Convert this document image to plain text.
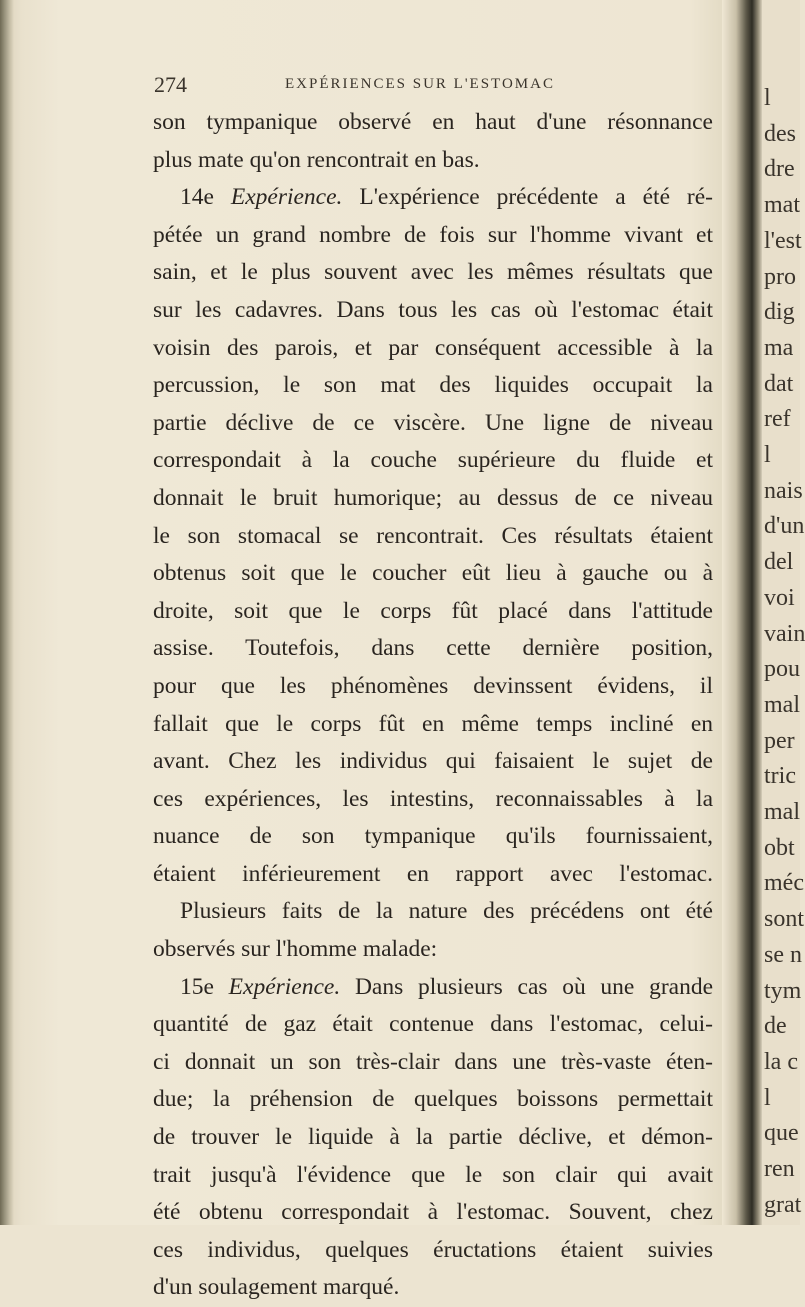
274	EXPÉRIENCES SUR L'ESTOMAC
son tympanique observé en haut d'une résonnance
plus mate qu'on rencontrait en bas.
14e Expérience. L'expérience précédente a été ré-
pétée un grand nombre de fois sur l'homme vivant et
sain, et le plus souvent avec les mêmes résultats que
sur les cadavres. Dans tous les cas où l'estomac était
voisin des parois, et par conséquent accessible à la
percussion, le son mat des liquides occupait la
partie déclive de ce viscère. Une ligne de niveau
correspondait à la couche supérieure du fluide et
donnait le bruit humorique; au dessus de ce niveau
le son stomacal se rencontrait. Ces résultats étaient
obtenus soit que le coucher eût lieu à gauche ou à
droite, soit que le corps fût placé dans l'attitude
assise. Toutefois, dans cette dernière position,
pour que les phénomènes devinssent évidens, il
fallait que le corps fût en même temps incliné en
avant. Chez les individus qui faisaient le sujet de
ces expériences, les intestins, reconnaissables à la
nuance de son tympanique qu'ils fournissaient,
étaient inférieurement en rapport avec l'estomac.
Plusieurs faits de la nature des précédens ont été
observés sur l'homme malade:
15e Expérience. Dans plusieurs cas où une grande
quantité de gaz était contenue dans l'estomac, celui-
ci donnait un son très-clair dans une très-vaste éten-
due; la préhension de quelques boissons permettait
de trouver le liquide à la partie déclive, et démon-
trait jusqu'à l'évidence que le son clair qui avait
été obtenu correspondait à l'estomac. Souvent, chez
ces individus, quelques éructations étaient suivies
d'un soulagement marqué.
l
des
dre
mat
l'est
pro
dig
ma
dat
ref
l
nais
d'un
del
voi
vain
pou
mal
per
tric
mal
obt
méc
sont
se n
tym
de
la c
l
que
ren
grat
